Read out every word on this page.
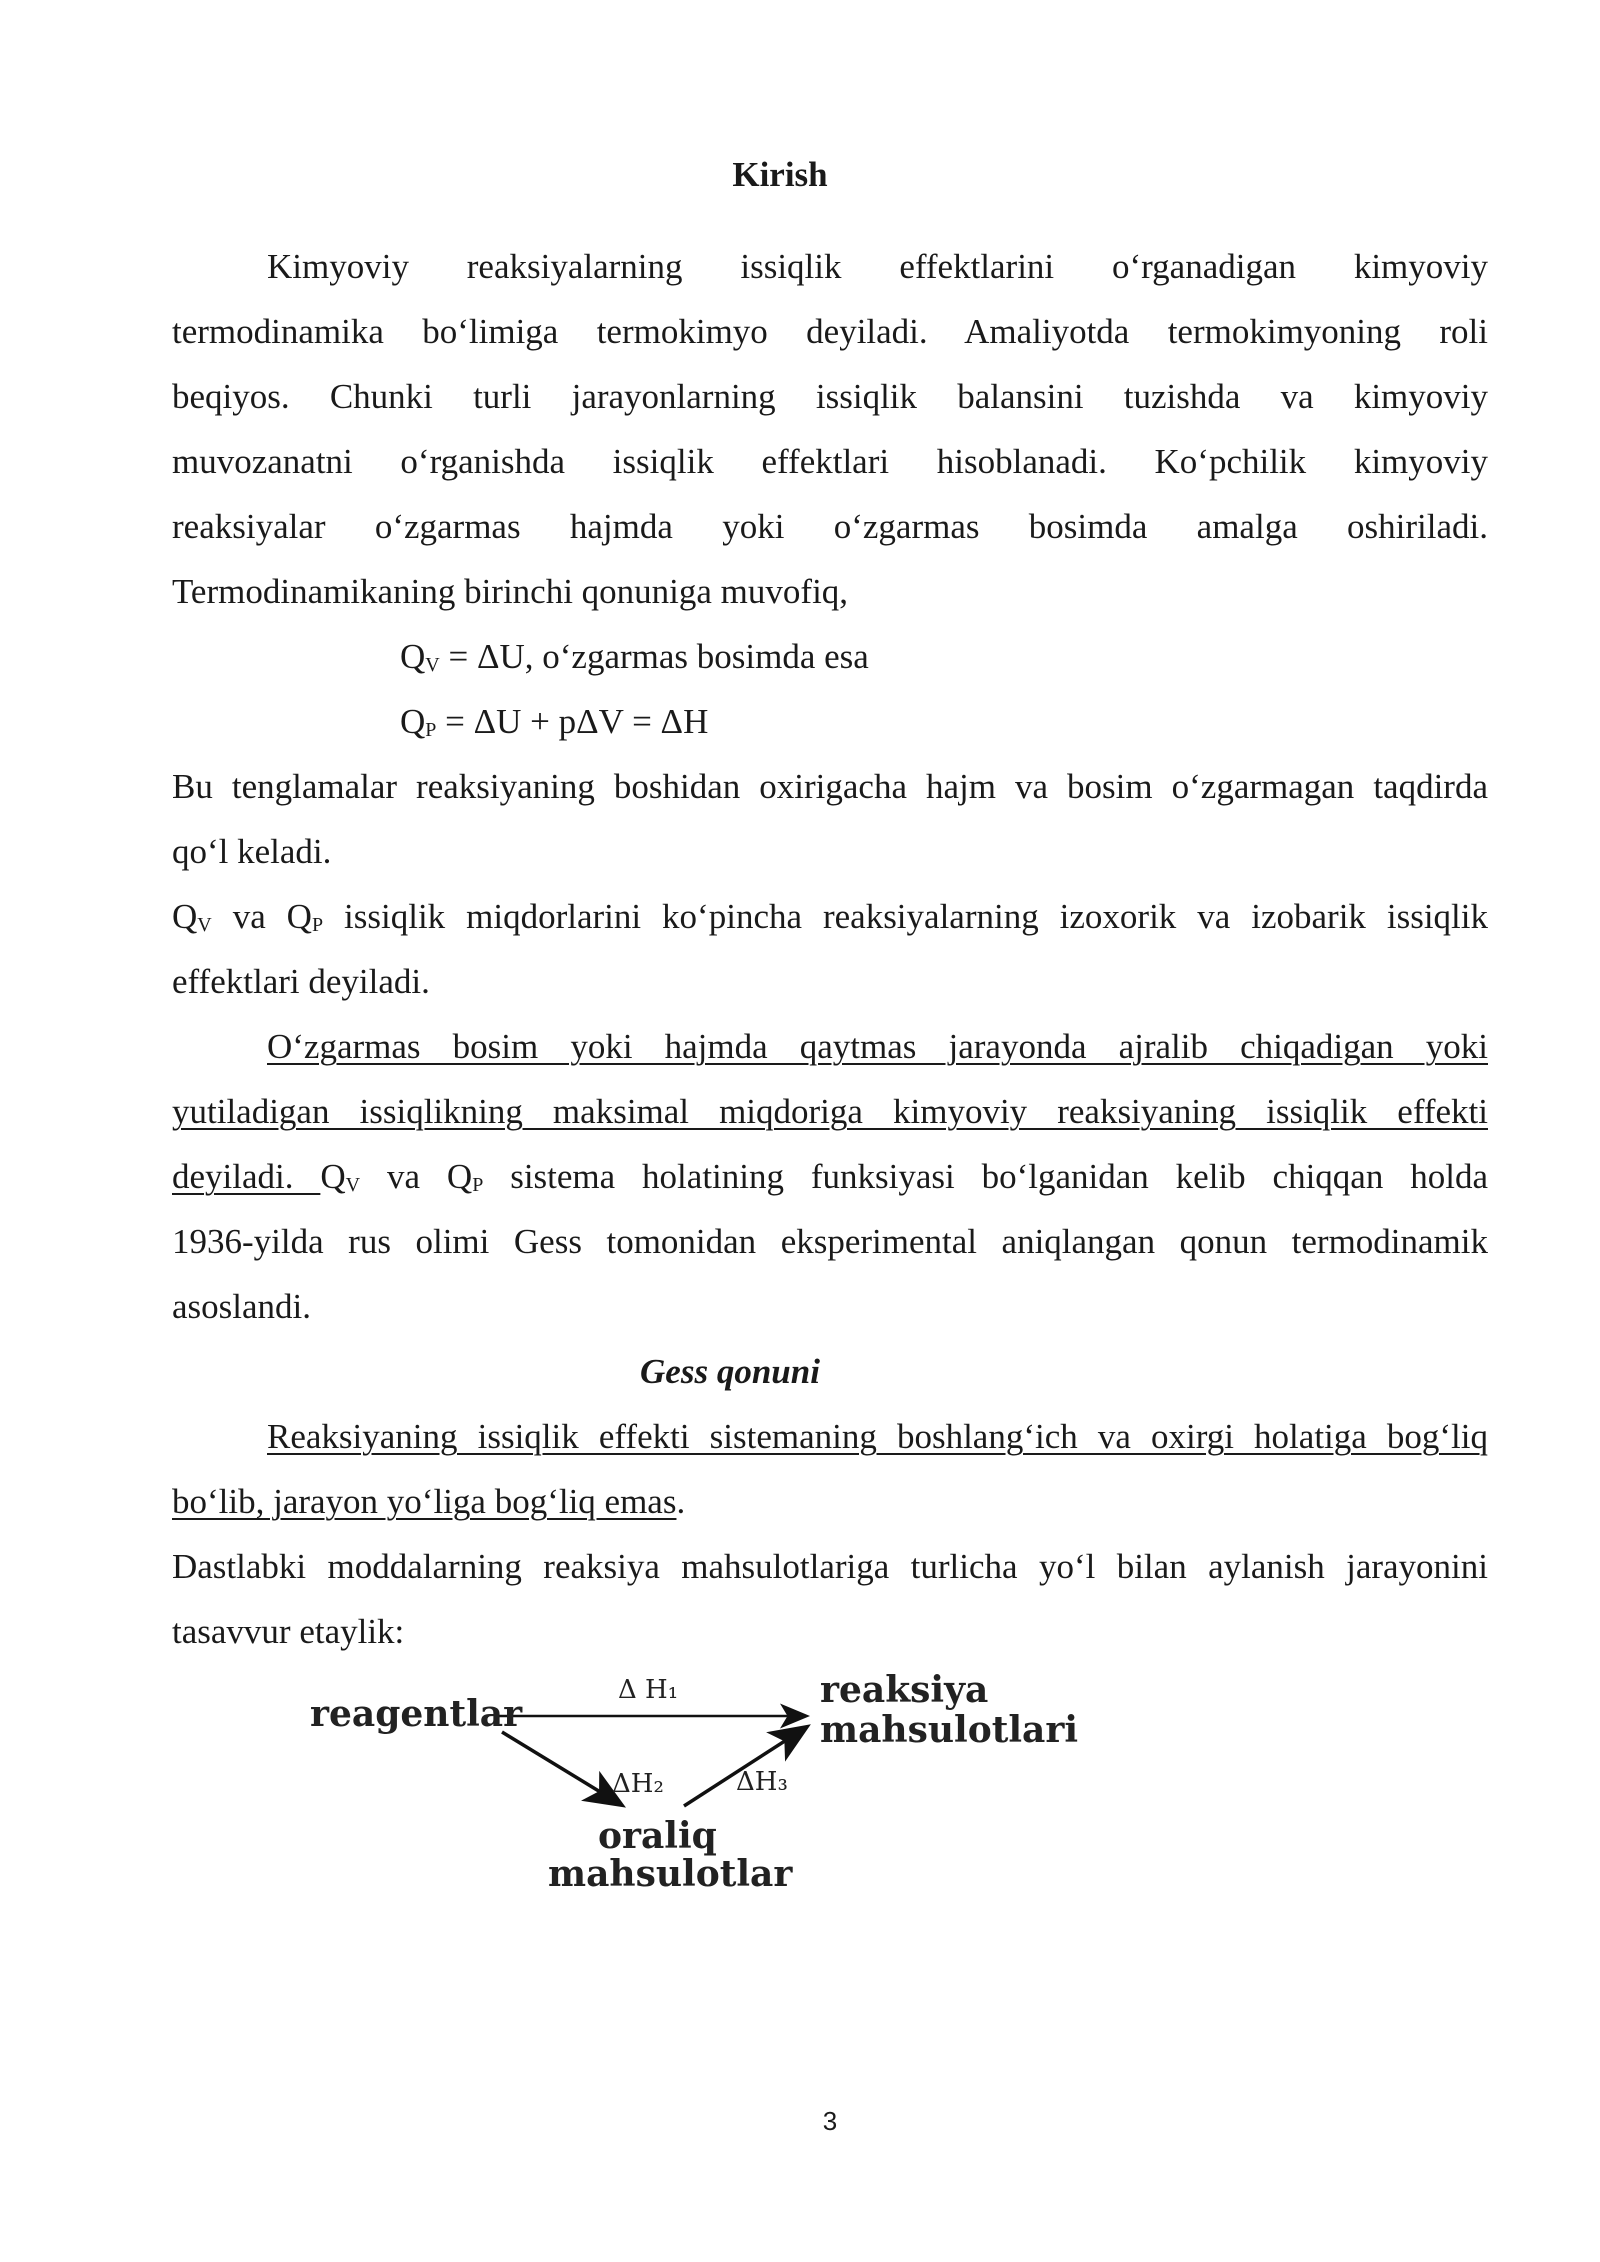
Kirish
Kimyoviy reaksiyalarning issiqlik effektlarini o‘rganadigan kimyoviy
termodinamika bo‘limiga termokimyo deyiladi. Amaliyotda termokimyoning roli
beqiyos. Chunki turli jarayonlarning issiqlik balansini tuzishda va kimyoviy
muvozanatni o‘rganishda issiqlik effektlari hisoblanadi. Ko‘pchilik kimyoviy
reaksiyalar o‘zgarmas hajmda yoki o‘zgarmas bosimda amalga oshiriladi.
Termodinamikaning birinchi qonuniga muvofiq,
$Q_V = \Delta U$, o‘zgarmas bosimda esa
$Q_P = \Delta U + p\Delta V = \Delta H$
Bu tenglamalar reaksiyaning boshidan oxirigacha hajm va bosim o‘zgarmagan taqdirda
qo‘l keladi.
$Q_V$ va $Q_P$ issiqlik miqdorlarini ko‘pincha reaksiyalarning izoxorik va izobarik issiqlik
effektlari deyiladi.
O‘zgarmas bosim yoki hajmda qaytmas jarayonda ajralib chiqadigan yoki
yutiladigan issiqlikning maksimal miqdoriga kimyoviy reaksiyaning issiqlik effekti
deyiladi. $Q_V$ va $Q_P$ sistema holatining funksiyasi bo‘lganidan kelib chiqqan holda
1936-yilda rus olimi Gess tomonidan eksperimental aniqlangan qonun termodinamik
asoslandi.
Gess qonuni
Reaksiyaning issiqlik effekti sistemaning boshlang‘ich va oxirgi holatiga bog‘liq
bo‘lib, jarayon yo‘liga bog‘liq emas.
Dastlabki moddalarning reaksiya mahsulotlariga turlicha yo‘l bilan aylanish jarayonini
tasavvur etaylik:
reagentlar
reaksiya
mahsulotlari
oraliq
mahsulotlar
Δ H₁
ΔH₂	ΔH₃
3
